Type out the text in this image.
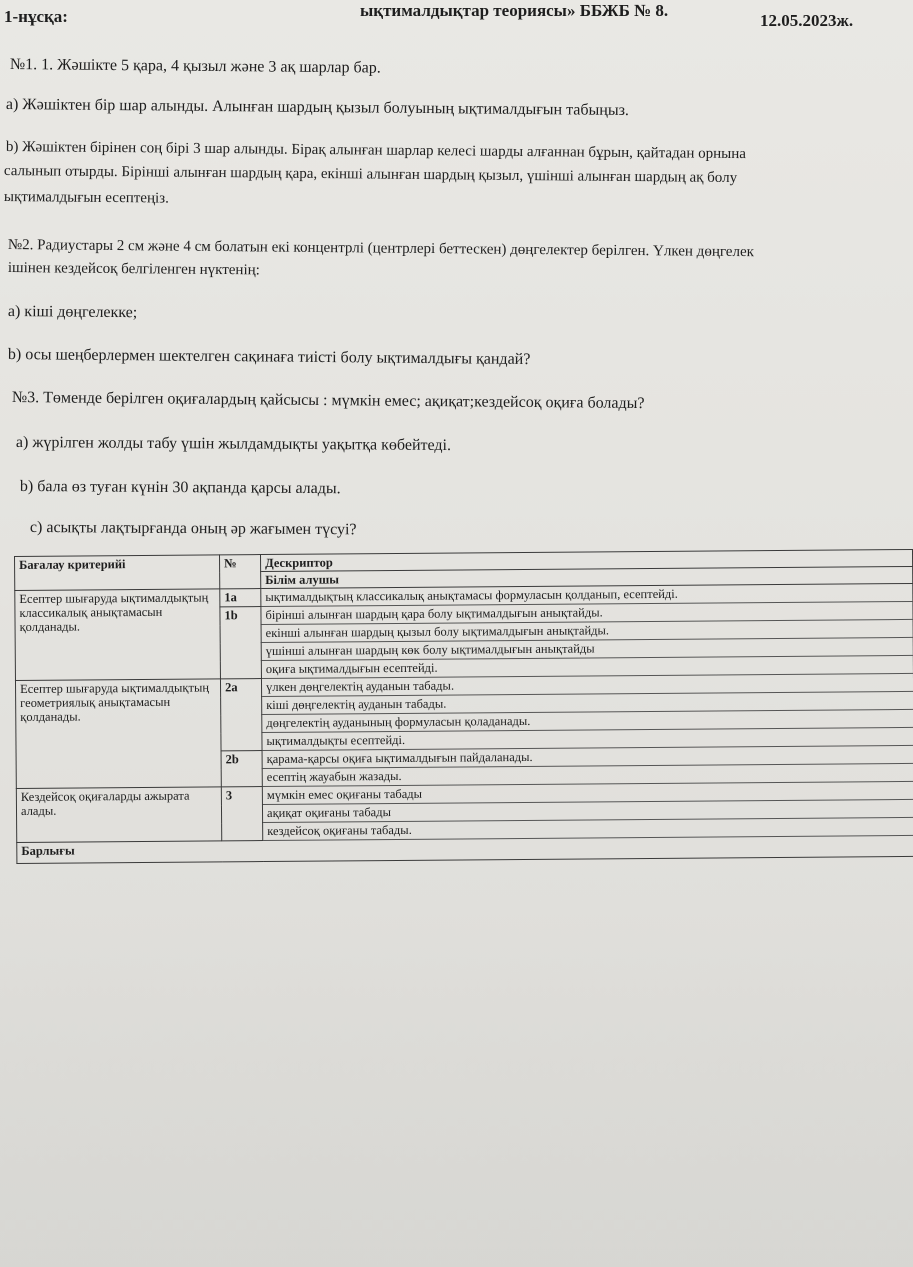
1-нұсқа:	ықтималдықтар теориясы» ББЖБ № 8.
12.05.2023ж.
№1. 1. Жәшікте 5 қара, 4 қызыл және 3 ақ шарлар бар.
a) Жәшіктен бір шар алынды. Алынған шардың қызыл болуының ықтималдығын табыңыз.
b) Жәшіктен бірінен соң бірі 3 шар алынды. Бірақ алынған шарлар келесі шарды алғаннан бұрын, қайтадан орнына
салынып отырды. Бірінші алынған шардың қара, екінші алынған шардың қызыл, үшінші алынған шардың ақ болу
ықтималдығын есептеңіз.
№2. Радиустары 2 см және 4 см болатын екі концентрлі (центрлері беттескен) дөңгелектер берілген. Үлкен дөңгелек
ішінен кездейсоқ белгіленген нүктенің:
a) кіші дөңгелекке;
b) осы шеңберлермен шектелген сақинаға тиісті болу ықтималдығы қандай?
№3. Төменде берілген оқиғалардың қайсысы : мүмкін емес; ақиқат;кездейсоқ оқиға болады?
a) жүрілген жолды табу үшін жылдамдықты уақытқа көбейтеді.
b) бала өз туған күнін 30 ақпанда қарсы алады.
c) асықты лақтырғанда оның әр жағымен түсуі?
Бағалау критерийі	№	Дескриптор
		Білім алушы
Есептер шығаруда ықтималдықтың классикалық анықтамасын қолданады.	1a	ықтималдықтың классикалық анықтамасы формуласын қолданып, есептейді.
	1b	бірінші алынған шардың қара болу ықтималдығын анықтайды.
		екінші алынған шардың қызыл болу ықтималдығын анықтайды.
		үшінші алынған шардың көк болу ықтималдығын анықтайды
		оқиға ықтималдығын есептейді.
Есептер шығаруда ықтималдықтың геометриялық анықтамасын қолданады.	2a	үлкен дөңгелектің ауданын табады.
		кіші дөңгелектің ауданын табады.
		дөңгелектің ауданының формуласын қоладанады.
		ықтималдықты есептейді.
	2b	қарама-қарсы оқиға ықтималдығын пайдаланады.
		есептің жауабын жазады.
Кездейсоқ оқиғаларды ажырата алады.	3	мүмкін емес оқиғаны табады
		ақиқат оқиғаны табады
		кездейсоқ оқиғаны табады.
Барлығы		
